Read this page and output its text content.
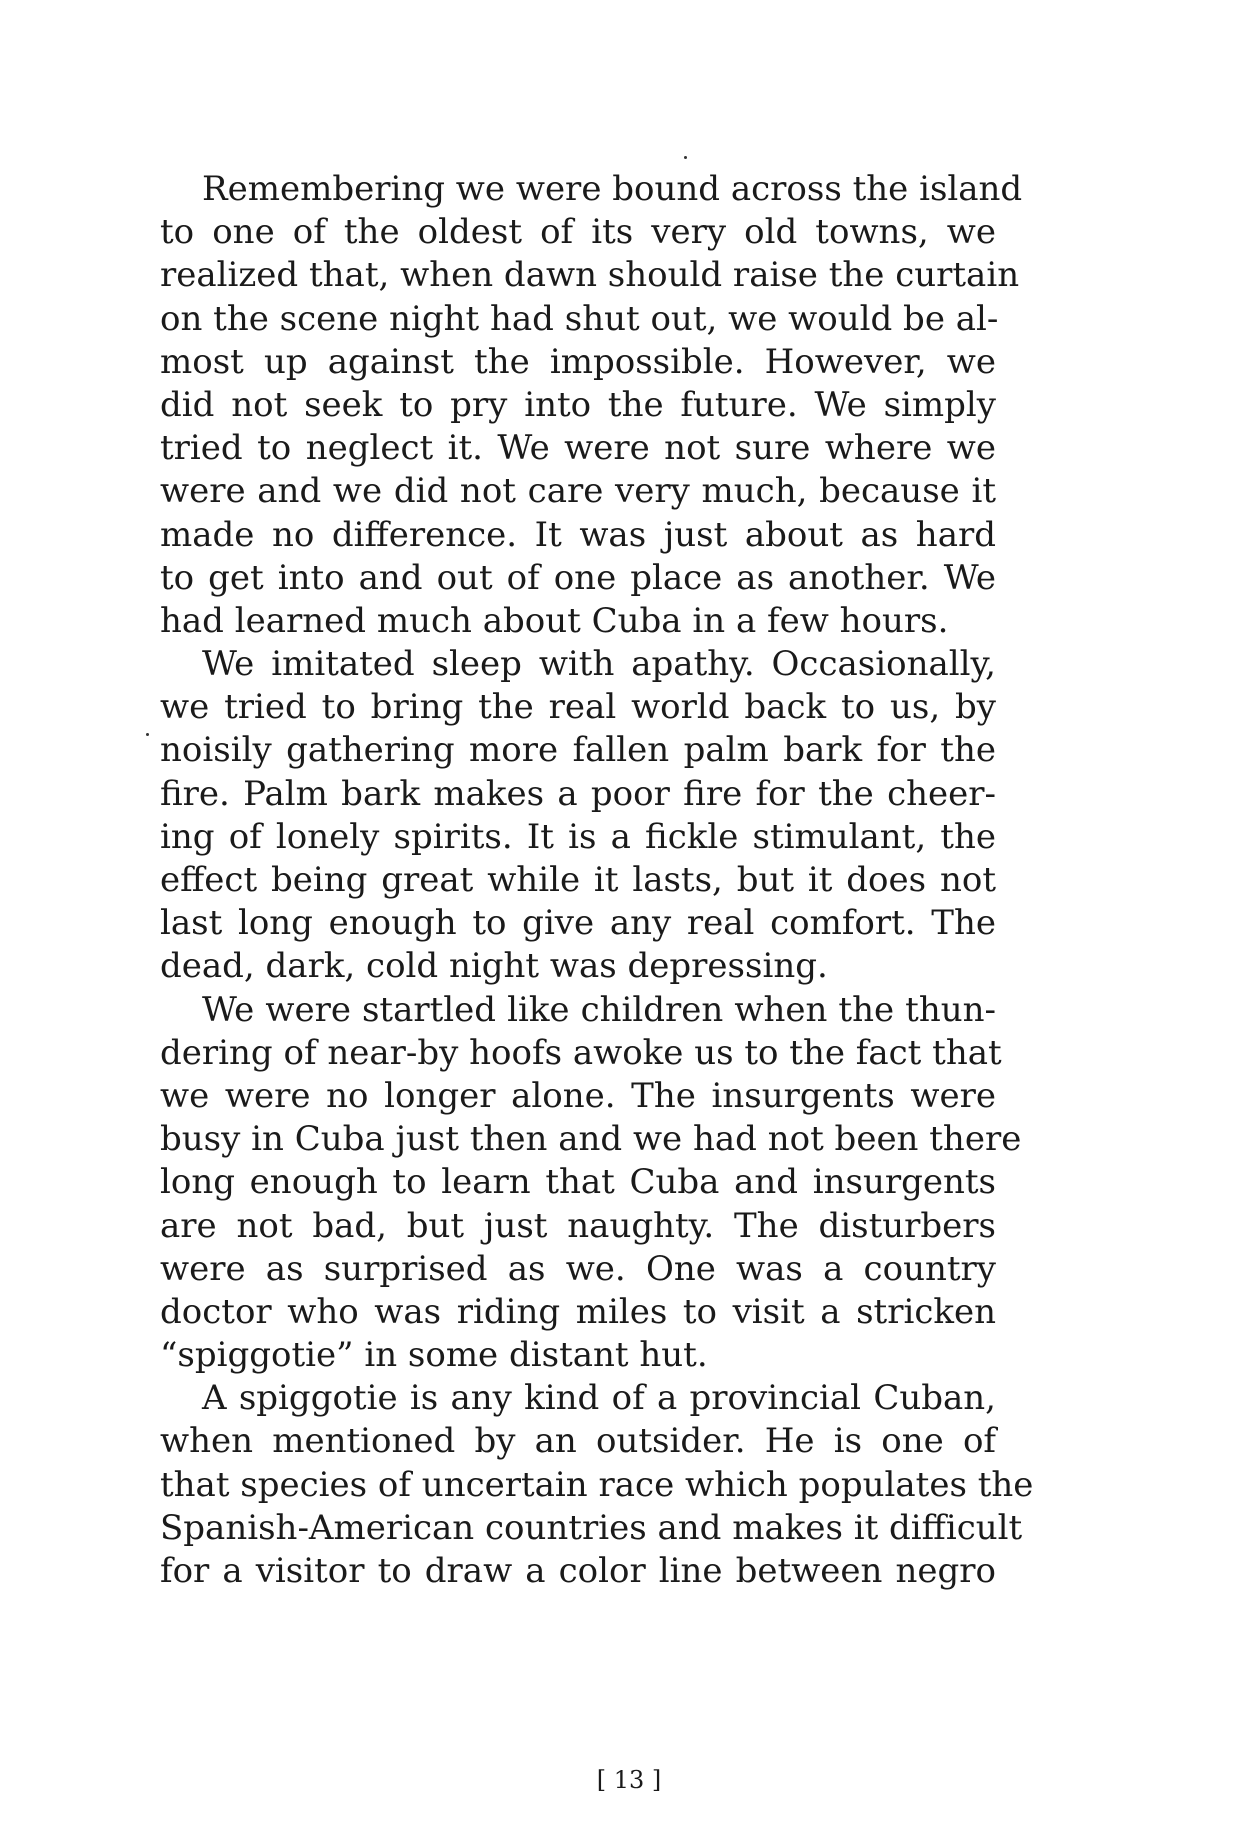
Remembering we were bound across the island
to one of the oldest of its very old towns, we
realized that, when dawn should raise the curtain
on the scene night had shut out, we would be al-
most up against the impossible. However, we
did not seek to pry into the future. We simply
tried to neglect it. We were not sure where we
were and we did not care very much, because it
made no difference. It was just about as hard
to get into and out of one place as another. We
had learned much about Cuba in a few hours.
We imitated sleep with apathy. Occasionally,
we tried to bring the real world back to us, by
noisily gathering more fallen palm bark for the
fire. Palm bark makes a poor fire for the cheer-
ing of lonely spirits. It is a fickle stimulant, the
effect being great while it lasts, but it does not
last long enough to give any real comfort. The
dead, dark, cold night was depressing.
We were startled like children when the thun-
dering of near-by hoofs awoke us to the fact that
we were no longer alone. The insurgents were
busy in Cuba just then and we had not been there
long enough to learn that Cuba and insurgents
are not bad, but just naughty. The disturbers
were as surprised as we. One was a country
doctor who was riding miles to visit a stricken
“spiggotie” in some distant hut.
A spiggotie is any kind of a provincial Cuban,
when mentioned by an outsider. He is one of
that species of uncertain race which populates the
Spanish-American countries and makes it difficult
for a visitor to draw a color line between negro
[ 13 ]
